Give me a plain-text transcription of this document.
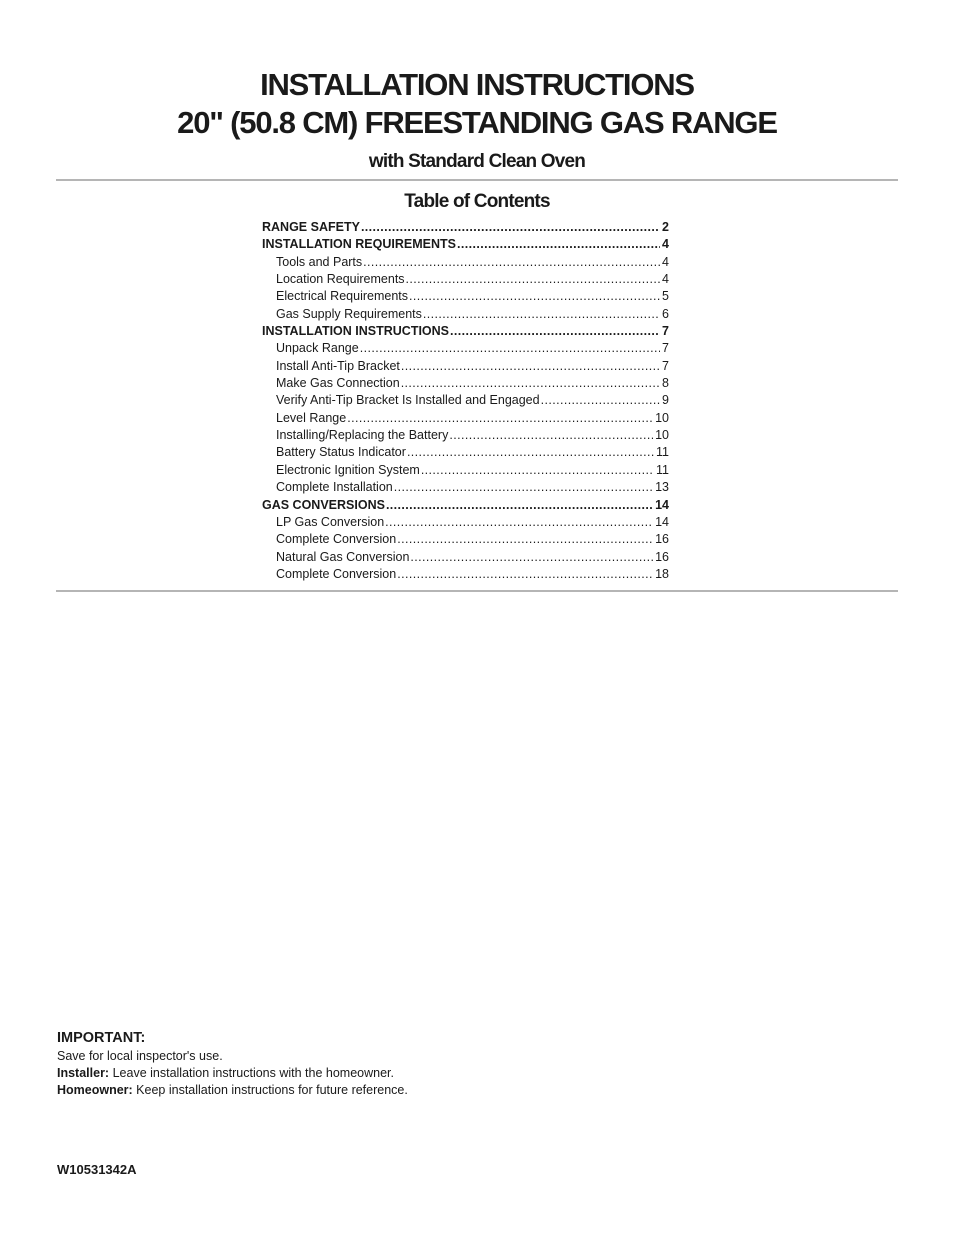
INSTALLATION INSTRUCTIONS
20" (50.8 CM) FREESTANDING GAS RANGE
with Standard Clean Oven
Table of Contents
RANGE SAFETY .....	2
INSTALLATION REQUIREMENTS .....	4
Tools and Parts .....	4
Location Requirements .....	4
Electrical Requirements .....	5
Gas Supply Requirements .....	6
INSTALLATION INSTRUCTIONS .....	7
Unpack Range .....	7
Install Anti-Tip Bracket .....	7
Make Gas Connection .....	8
Verify Anti-Tip Bracket Is Installed and Engaged .....	9
Level Range .....	10
Installing/Replacing the Battery .....	10
Battery Status Indicator .....	11
Electronic Ignition System .....	11
Complete Installation .....	13
GAS CONVERSIONS .....	14
LP Gas Conversion .....	14
Complete Conversion .....	16
Natural Gas Conversion .....	16
Complete Conversion .....	18
IMPORTANT:

Save for local inspector's use.

Installer: Leave installation instructions with the homeowner.

Homeowner: Keep installation instructions for future reference.

W10531342A
